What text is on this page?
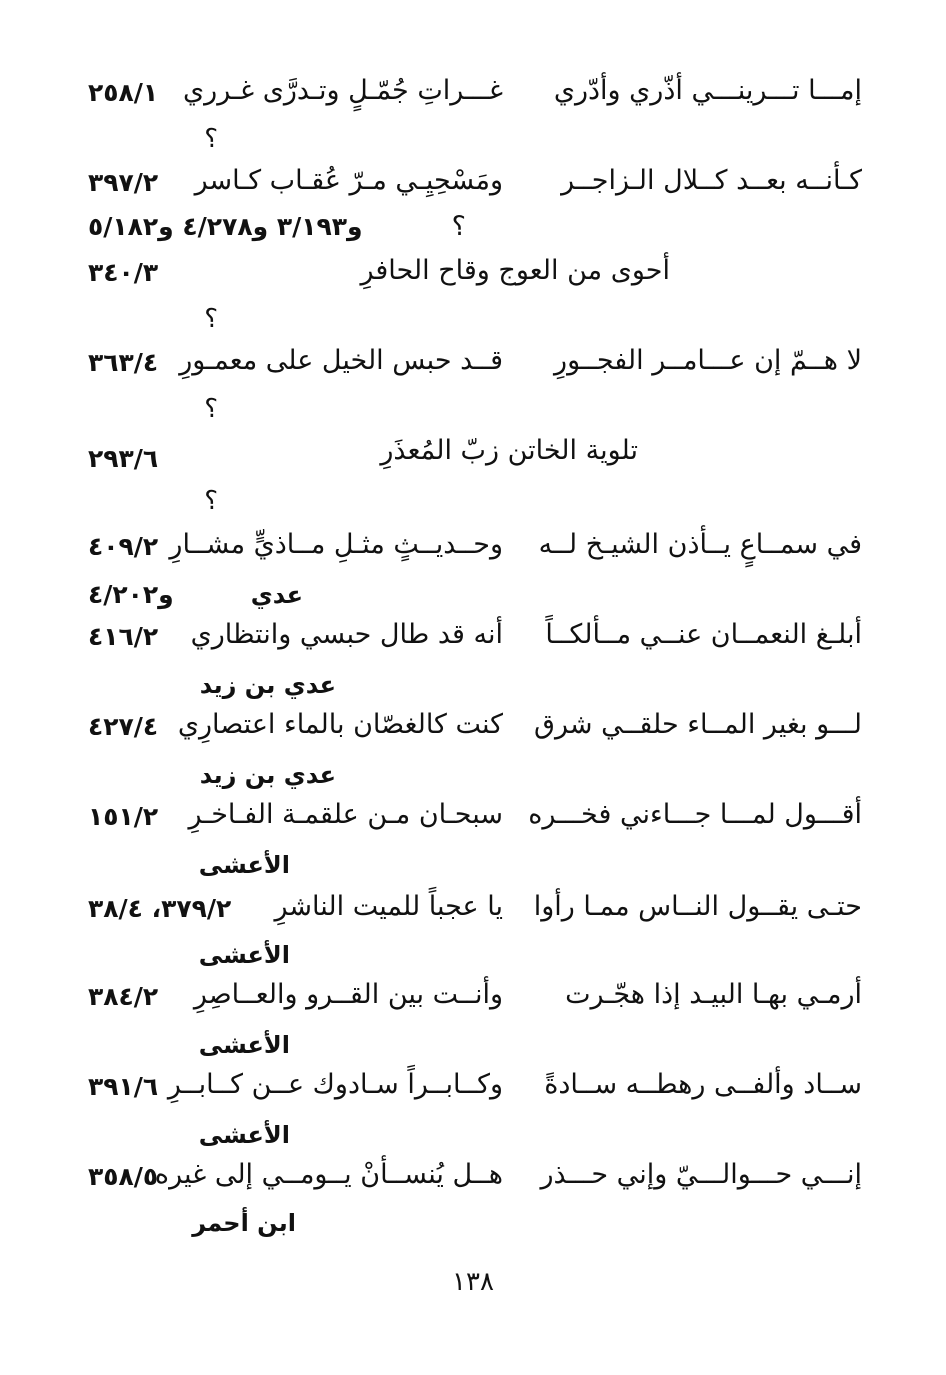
إمـــا تـــرينـــي أذّري وأدّري
غـــراتِ جُمّـلٍ وتـدرَّى غـرري
٢٥٨/١
؟
كـأنــه بعــد كــلال الـزاجــر
ومَسْحِيِـي مـرّ عُقـاب كـاسر
٣٩٧/٢
؟
و٣/١٩٣ و٤/٢٧٨ و٥/١٨٢
أحوى من العوج وقاح الحافرِ
٣٤٠/٣
؟
لا هــمّ إن عـــامــر الفجــورِ
قــد حبس الخيل على معمـورِ
٣٦٣/٤
؟
تلوية الخاتن زبّ المُعذَرِ
٢٩٣/٦
؟
في سمــاعٍ يــأذن الشيـخ لــه
وحــديــثٍ مثـلِ مــاذيٍّ مشــارِ
٤٠٩/٢
عدي
و٤/٢٠٢
أبلـغ النعمــان عنــي مــألكــاً
أنه قد طال حبسي وانتظاري
٤١٦/٢
عدي بن زيد
لـــو بغير المــاء حلقــي شرق
كنت كالغصّان بالماء اعتصارِي
٤٢٧/٤
عدي بن زيد
أقـــول لمـــا جـــاءني فخـــره
سبحـان مـن علقمـة الفـاخـرِ
١٥١/٢
الأعشى
حتـى يقــول النــاس ممـا رأوا
يا عجباً للميت الناشرِ
٣٧٩/٢، ٣٨/٤
الأعشى
أرمـي بهـا البيـد إذا هجّـرت
وأنــت بين القــرو والعــاصِرِ
٣٨٤/٢
الأعشى
ســاد وألفــى رهطــه ســادةً
وكــابــراً سـادوك عــن كــابــرِ
٣٩١/٦
الأعشى
إنـــي حـــوالـــيّ وإني حـــذر
هــل يُنســأنْ يــومــي إلى غيره
٣٥٨/٥
ابن أحمر
١٣٨
